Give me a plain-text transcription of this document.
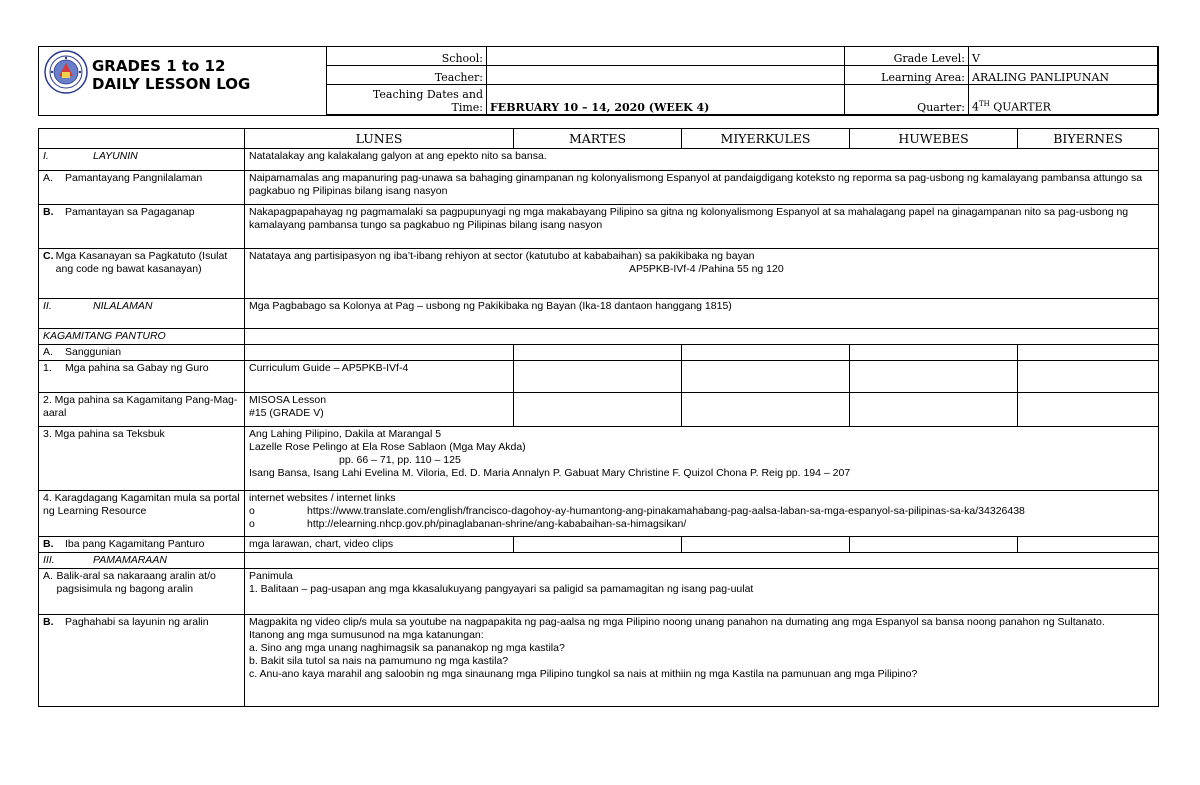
GRADES 1 to 12
DAILY LESSON LOG
School:		Grade Level:	V
Teacher:		Learning Area:	ARALING PANLIPUNAN

Teaching Dates and
Time:	FEBRUARY 10 – 14, 2020 (WEEK 4)	Quarter:	4TH QUARTER
	LUNES	MARTES	MIYERKULES	HUWEBES	BIYERNES
I. LAYUNIN	Natatalakay ang kalakalang galyon at ang epekto nito sa bansa.				

A. Pamantayang Pangnilalaman	Naipamamalas ang mapanuring pag-unawa sa bahaging ginampanan ng kolonyalismong Espanyol at pandaigdigang koteksto ng reporma sa pag-usbong ng kamalayang pambansa attungo sa pagkabuo ng Pilipinas bilang isang nasyon				
B. Pamantayan sa Pagaganap	Nakapagpapahayag ng pagmamalaki sa pagpupunyagi ng mga makabayang Pilipino sa gitna ng kolonyalismong Espanyol at sa mahalagang papel na ginagampanan nito sa pag-usbong ng kamalayang pambansa tungo sa pagkabuo ng Pilipinas bilang isang nasyon				

C. Mga Kasanayan sa Pagkatuto (Isulat ang code ng bawat kasanayan)	Natataya ang partisipasyon ng iba’t-ibang rehiyon at sector (katutubo at kababaihan) sa pakikibaka ng bayan
AP5PKB-IVf-4 /Pahina 55 ng 120				

II. NILALAMAN	Mga Pagbabago sa Kolonya at Pag – usbong ng Pakikibaka ng Bayan (Ika-18 dantaon hanggang 1815)				
KAGAMITANG PANTURO					
A. Sanggunian					

1. Mga pahina sa Gabay ng Guro	Curriculum Guide – AP5PKB-IVf-4				
2. Mga pahina sa Kagamitang Pang-Mag-aaral	MISOSA Lesson
#15 (GRADE V)				

3. Mga pahina sa Teksbuk	Ang Lahing Pilipino, Dakila at Marangal 5
Lazelle Rose Pelingo at Ela Rose Sablaon (Mga May Akda)
pp. 66 – 71, pp. 110 – 125
Isang Bansa, Isang Lahi Evelina M. Viloria, Ed. D. Maria Annalyn P. Gabuat Mary Christine F. Quizol Chona P. Reig pp. 194 – 207				

4. Karagdagang Kagamitan mula sa portal ng Learning Resource	internet websites / internet links
o https://www.translate.com/english/francisco-dagohoy-ay-humantong-ang-pinakamahabang-pag-aalsa-laban-sa-mga-espanyol-sa-pilipinas-sa-ka/34326438
o http://elearning.nhcp.gov.ph/pinaglabanan-shrine/ang-kababaihan-sa-himagsikan/				

B. Iba pang Kagamitang Panturo	mga larawan, chart, video clips				
III. PAMAMARAAN					

A. Balik-aral sa nakaraang aralin at/o pagsisimula ng bagong aralin	Panimula
1. Balitaan – pag-usapan ang mga kkasalukuyang pangyayari sa paligid sa pamamagitan ng isang pag-uulat				

B. Paghahabi sa layunin ng aralin	Magpakita ng video clip/s mula sa youtube na nagpapakita ng pag-aalsa ng mga Pilipino noong unang panahon na dumating ang mga Espanyol sa bansa noong panahon ng Sultanato.
Itanong ang mga sumusunod na mga katanungan:
a. Sino ang mga unang naghimagsik sa pananakop ng mga kastila?
b. Bakit sila tutol sa nais na pamumuno ng mga kastila?
c. Anu-ano kaya marahil ang saloobin ng mga sinaunang mga Pilipino tungkol sa nais at mithiin ng mga Kastila na pamunuan ang mga Pilipino?				
